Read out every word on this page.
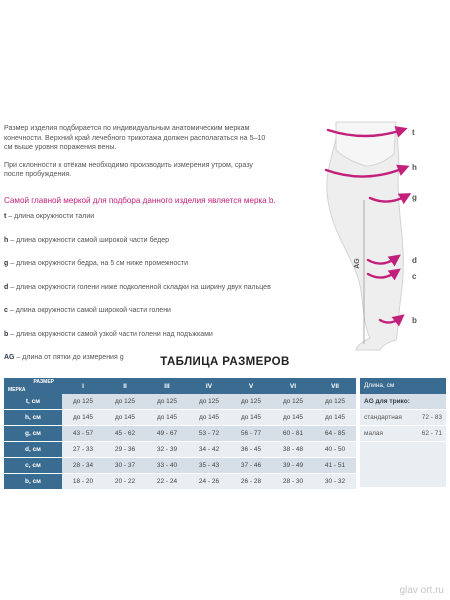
Размер изделия подбирается по индивидуальным анатомическим меркам конечности. Верхний край лечебного трикотажа должен располагаться на 5–10 см выше уровня поражения вены.

При склонности к отёкам необходимо производить измерения утром, сразу после пробуждения.

Самой главной меркой для подбора данного изделия является мерка b.
t – длина окружности талии
h – длина окружности самой широкой части бедер
g – длина окружности бедра, на 5 см ниже промежности
d – длина окружности голени ниже подколенной складки на ширину двух пальцев
c – длина окружности самой широкой части голени
b – длина окружности самой узкой части голени над подъжками
AG – длина от пятки до измерения g
t
h
g
d
c
b
AG
ТАБЛИЦА РАЗМЕРОВ
РАЗМЕР
МЕРКА	I	II	III	IV	V	VI	VII
t, см	до 125	до 125	до 125	до 125	до 125	до 125	до 125
h, см	до 145	до 145	до 145	до 145	до 145	до 145	до 145
g, см	43 - 57	45 - 62	49 - 67	53 - 72	56 - 77	60 - 81	64 - 85
d, см	27 - 33	29 - 36	32 - 39	34 - 42	36 - 45	38 - 48	40 - 50
c, см	28 - 34	30 - 37	33 - 40	35 - 43	37 - 46	39 - 49	41 - 51
b, см	18 - 20	20 - 22	22 - 24	24 - 26	26 - 28	28 - 30	30 - 32
Длина, см
AG для трико:
стандартная	72 - 83
малая	62 - 71
glav ort.ru
